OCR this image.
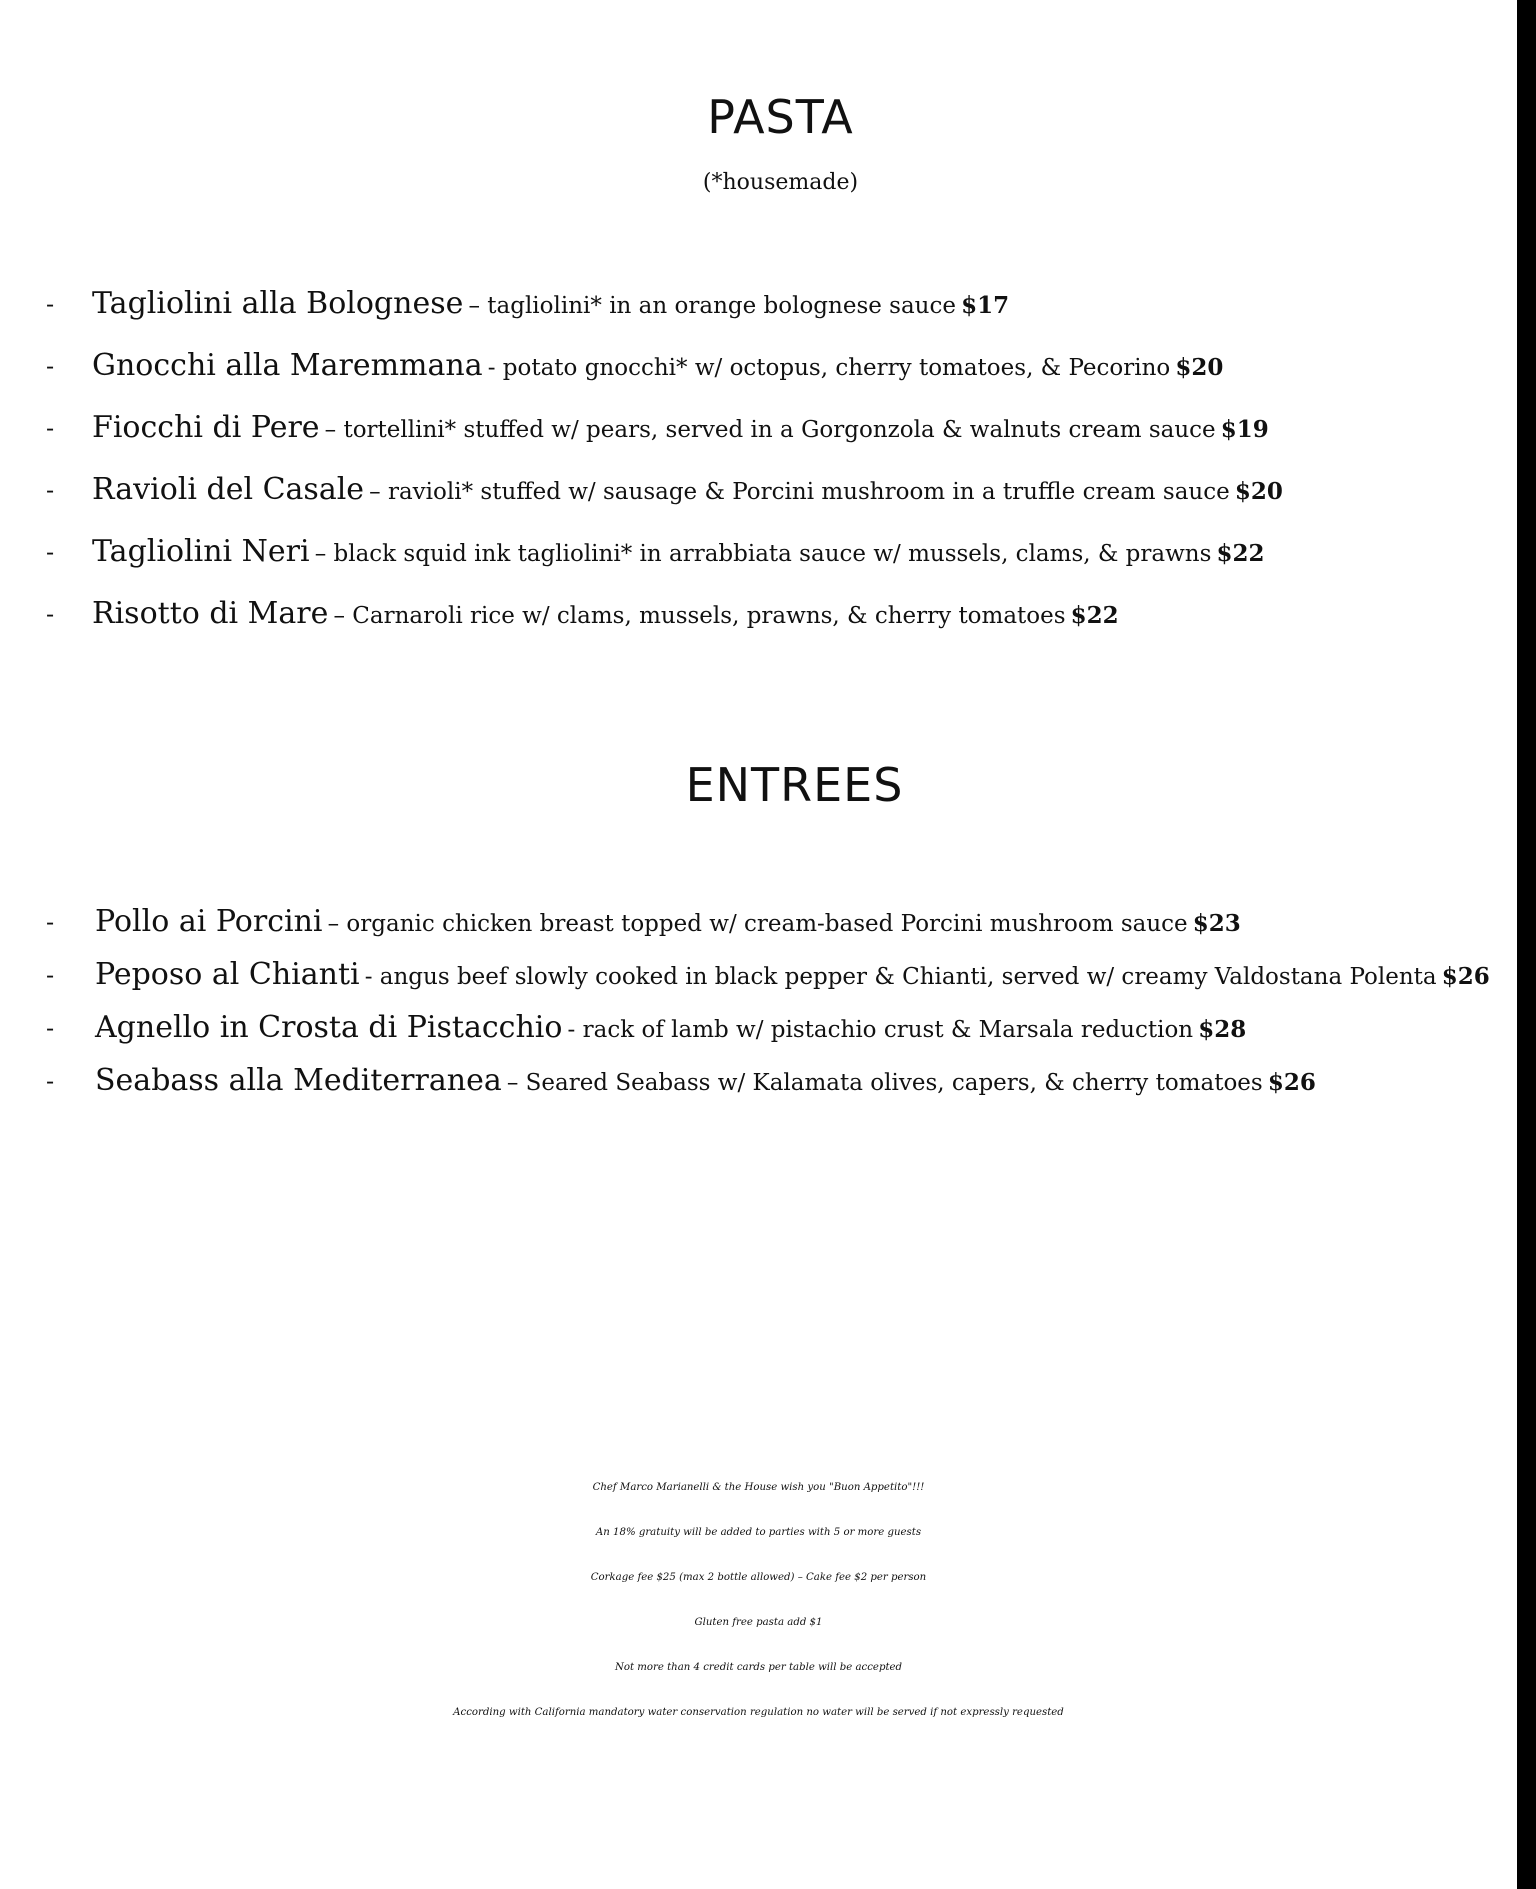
PASTA

(*housemade)

- Tagliolini alla Bolognese – tagliolini* in an orange bolognese sauce $17
- Gnocchi alla Maremmana - potato gnocchi* w/ octopus, cherry tomatoes, & Pecorino $20
- Fiocchi di Pere – tortellini* stuffed w/ pears, served in a Gorgonzola & walnuts cream sauce $19
- Ravioli del Casale – ravioli* stuffed w/ sausage & Porcini mushroom in a truffle cream sauce $20
- Tagliolini Neri – black squid ink tagliolini* in arrabbiata sauce w/ mussels, clams, & prawns $22
- Risotto di Mare – Carnaroli rice w/ clams, mussels, prawns, & cherry tomatoes $22
ENTREES
- Pollo ai Porcini – organic chicken breast topped w/ cream-based Porcini mushroom sauce $23
- Peposo al Chianti - angus beef slowly cooked in black pepper & Chianti, served w/ creamy Valdostana Polenta $26
- Agnello in Crosta di Pistacchio - rack of lamb w/ pistachio crust & Marsala reduction $28
- Seabass alla Mediterranea – Seared Seabass w/ Kalamata olives, capers, & cherry tomatoes $26
Chef Marco Marianelli & the House wish you "Buon Appetito"!!!
An 18% gratuity will be added to parties with 5 or more guests
Corkage fee $25 (max 2 bottle allowed) – Cake fee $2 per person
Gluten free pasta add $1
Not more than 4 credit cards per table will be accepted
According with California mandatory water conservation regulation no water will be served if not expressly requested
